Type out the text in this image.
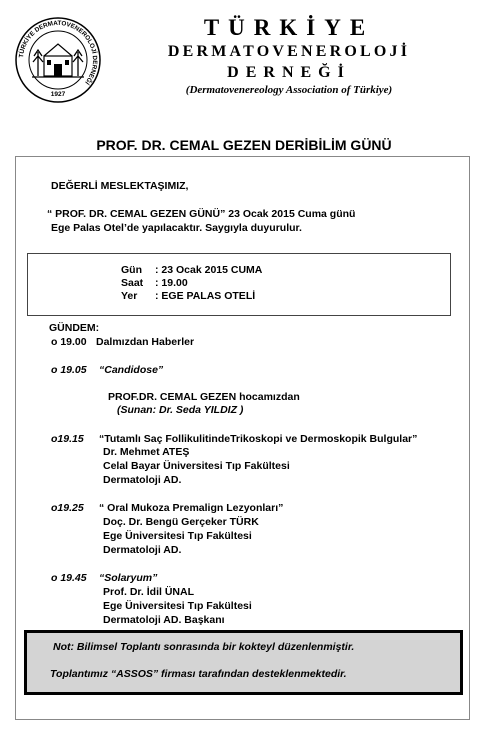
TÜRKİYE DERMATOVENEROLOJİ DERNEĞİ
1927
TÜRKİYE
DERMATOVENEROLOJİ
DERNEĞİ
(Dermatovenereology Association of Türkiye)
PROF. DR. CEMAL GEZEN DERİBİLİM GÜNÜ
DEĞERLİ MESLEKTAŞIMIZ,
“ PROF. DR. CEMAL GEZEN GÜNÜ” 23 Ocak 2015 Cuma günü
Ege Palas Otel’de yapılacaktır. Saygıyla duyurulur.
Gün : 23 Ocak 2015 CUMA
Saat : 19.00
Yer : EGE PALAS OTELİ
GÜNDEM:
o 19.00 Dalmızdan Haberler
o 19.05 “Candidose”
PROF.DR. CEMAL GEZEN hocamızdan
(Sunan: Dr. Seda YILDIZ )
o19.15 “Tutamlı Saç FollikulitindeTrikoskopi ve Dermoskopik Bulgular”
Dr. Mehmet ATEŞ
Celal Bayar Üniversitesi Tıp Fakültesi
Dermatoloji AD.
o19.25 “ Oral Mukoza Premalign Lezyonları”
Doç. Dr. Bengü Gerçeker TÜRK
Ege Üniversitesi Tıp Fakültesi
Dermatoloji AD.
o 19.45 “Solaryum”
Prof. Dr. İdil ÜNAL
Ege Üniversitesi Tıp Fakültesi
Dermatoloji AD. Başkanı
Not: Bilimsel Toplantı sonrasında bir kokteyl düzenlenmiştir.
Toplantımız “ASSOS” firması tarafından desteklenmektedir.
